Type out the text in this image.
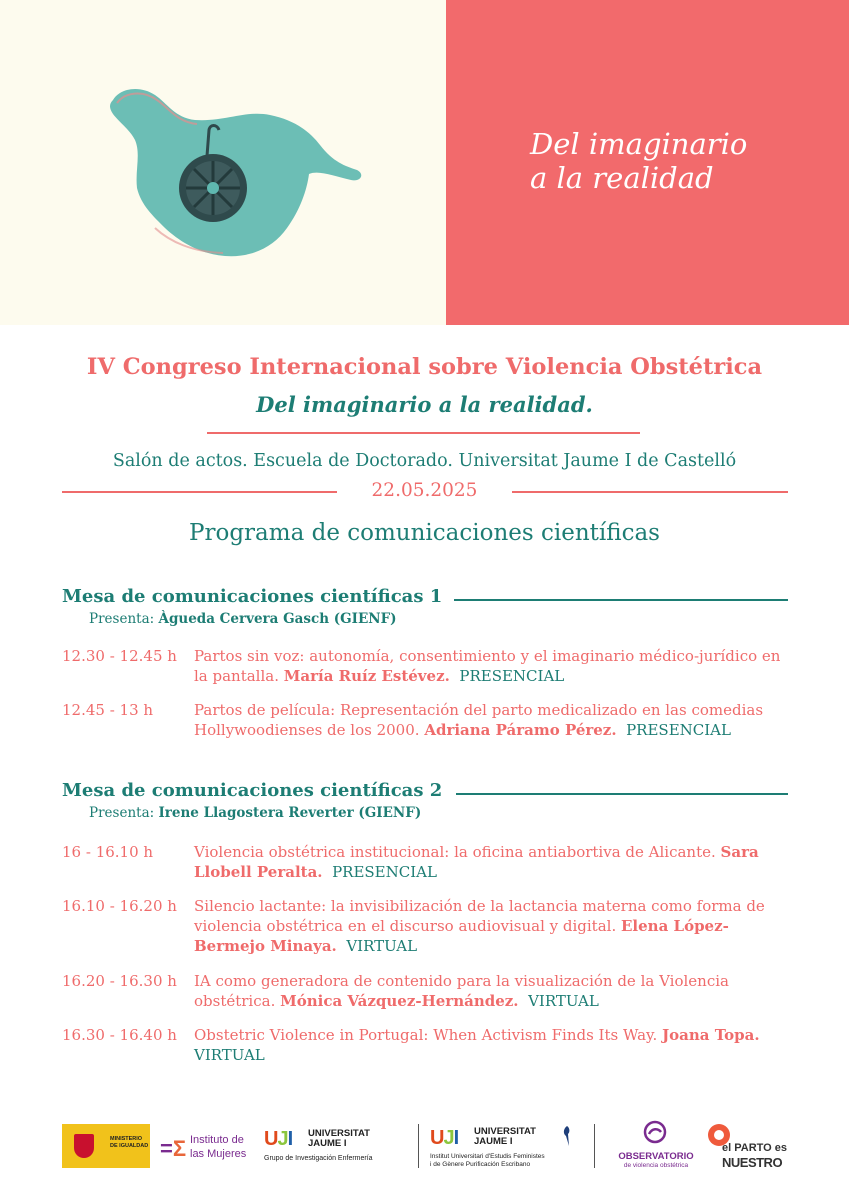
Del imaginario
a la realidad
IV Congreso Internacional sobre Violencia Obstétrica
Del imaginario a la realidad.
Salón de actos. Escuela de Doctorado. Universitat Jaume I de Castelló
22.05.2025
Programa de comunicaciones científicas
Mesa de comunicaciones científicas 1
Presenta: Àgueda Cervera Gasch (GIENF)
12.30 - 12.45 h Partos sin voz: autonomía, consentimiento y el imaginario médico-jurídico en la pantalla. María Ruíz Estévez. PRESENCIAL
12.45 - 13 h	Partos de película: Representación del parto medicalizado en las comedias Hollywoodienses de los 2000. Adriana Páramo Pérez. PRESENCIAL
Mesa de comunicaciones científicas 2
Presenta: Irene Llagostera Reverter (GIENF)
16 - 16.10 h	Violencia obstétrica institucional: la oficina antiabortiva de Alicante. Sara Llobell Peralta. PRESENCIAL
16.10 - 16.20 h Silencio lactante: la invisibilización de la lactancia materna como forma de violencia obstétrica en el discurso audiovisual y digital. Elena López-Bermejo Minaya. VIRTUAL
16.20 - 16.30 h IA como generadora de contenido para la visualización de la Violencia obstétrica. Mónica Vázquez-Hernández. VIRTUAL
16.30 - 16.40 h Obstetric Violence in Portugal: When Activism Finds Its Way. Joana Topa.  VIRTUAL
MINISTERIO DE IGUALDAD =Σ Instituto de
las Mujeres
UJI UNIVERSITAT
JAUME I
Grupo de Investigación Enfermería
UJI UNIVERSITAT
JAUME I
Institut Universitari d'Estudis Feministes
i de Gènere Purificación Escribano
OBSERVATORIO
de violencia obstétrica
el PARTO es
NUESTRO
